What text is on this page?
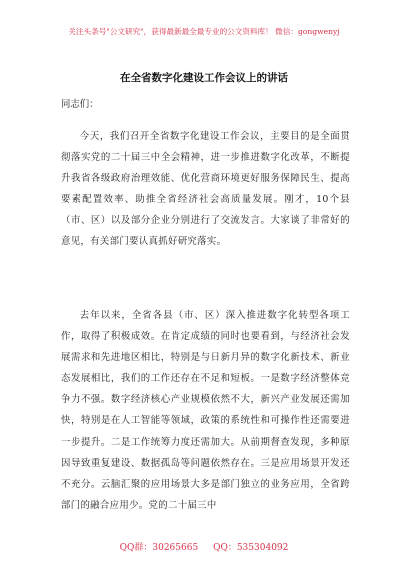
关注头条号"公文研究"，获得最新最全最专业的公文资料库！ 微信：gongwenyj
在全省数字化建设工作会议上的讲话
同志们：

今天，我们召开全省数字化建设工作会议，主要目的是全面贯彻落实党的二十届三中全会精神，进一步推进数字化改革，不断提升我省各级政府治理效能、优化营商环境更好服务保障民生、提高要素配置效率、助推全省经济社会高质量发展。刚才，10个县（市、区）以及部分企业分别进行了交流发言。大家谈了非常好的意见，有关部门要认真抓好研究落实。

去年以来，全省各县（市、区）深入推进数字化转型各项工作，取得了积极成效。在肯定成绩的同时也要看到，与经济社会发展需求和先进地区相比，特别是与日新月异的数字化新技术、新业态发展相比，我们的工作还存在不足和短板。一是数字经济整体竞争力不强。数字经济核心产业规模依然不大，新兴产业发展还需加快，特别是在人工智能等领域，政策的系统性和可操作性还需要进一步提升。二是工作统筹力度还需加大。从前期督查发现，多种原因导致重复建设、数据孤岛等问题依然存在。三是应用场景开发还不充分。云脑汇聚的应用场景大多是部门独立的业务应用，全省跨部门的融合应用少。党的二十届三中

QQ群：30265665 QQ：535304092
